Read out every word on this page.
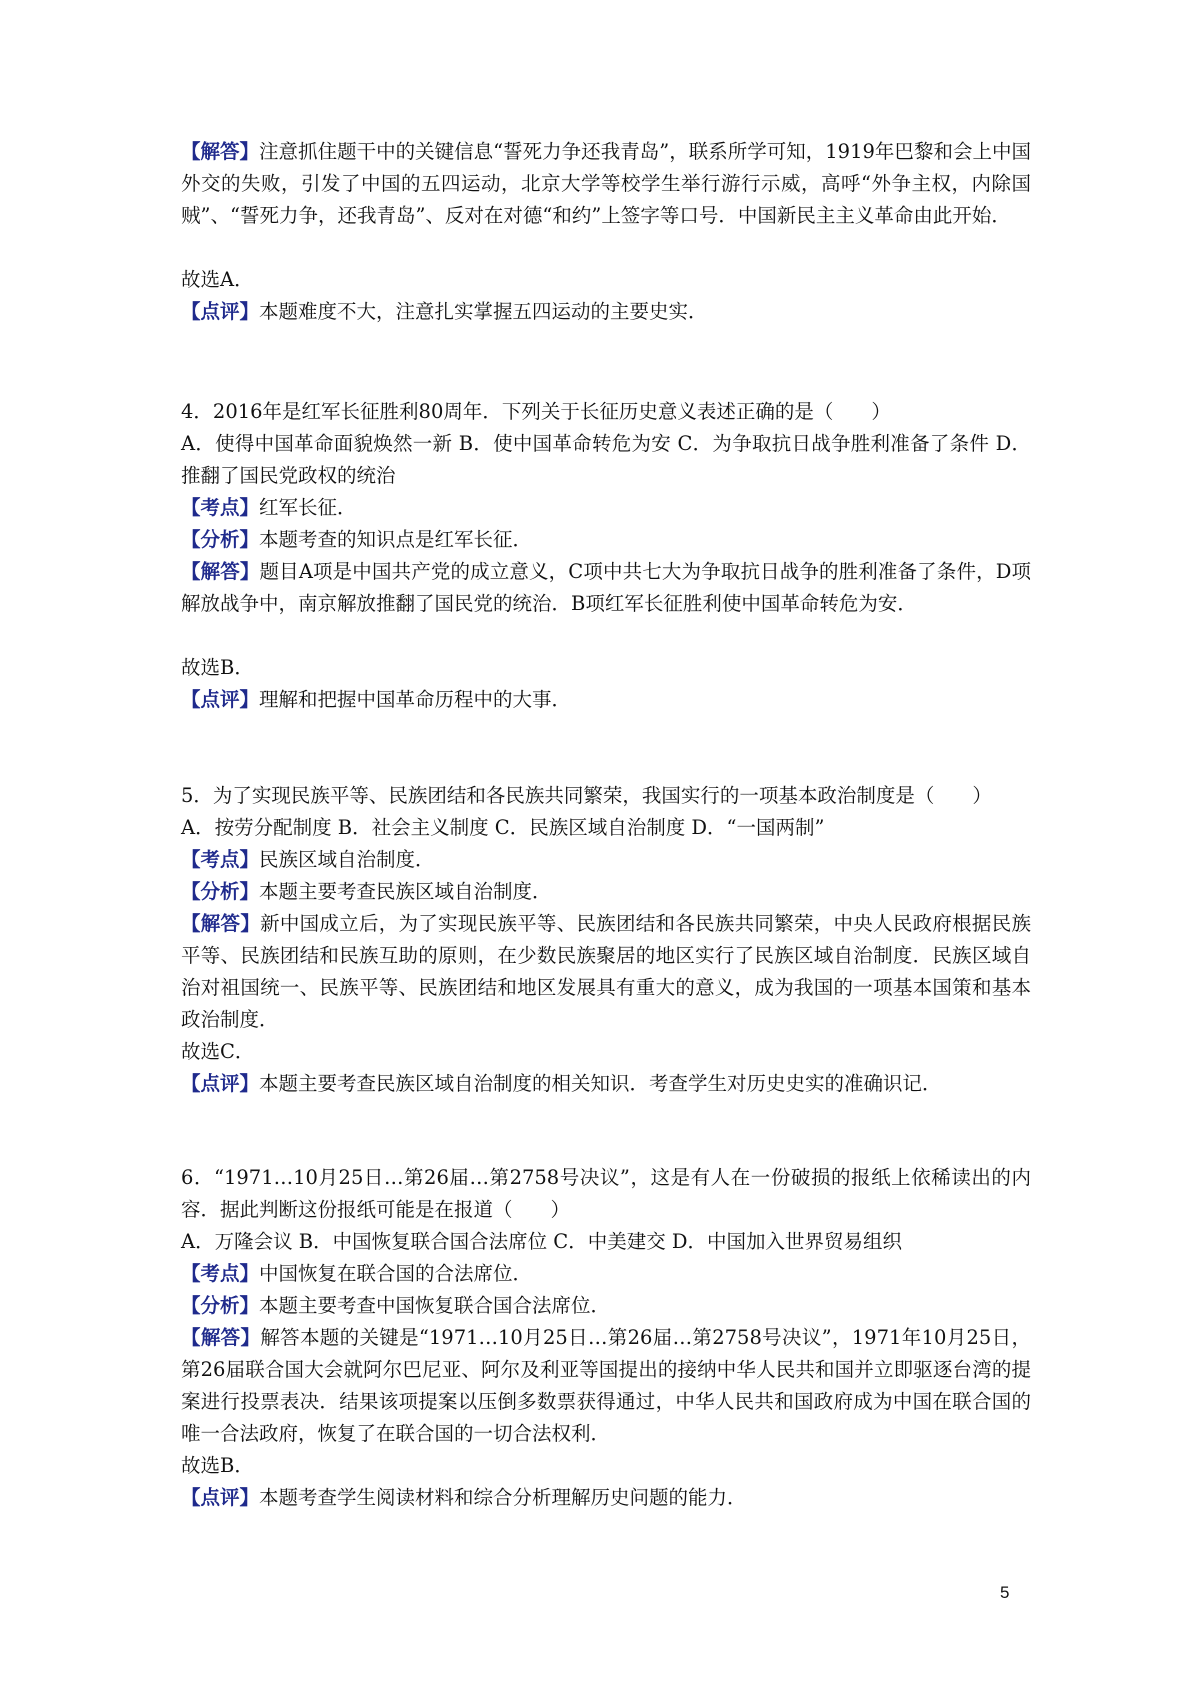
【解答】注意抓住题干中的关键信息“誓死力争还我青岛”，联系所学可知，1919年巴黎和会上中国外交的失败，引发了中国的五四运动，北京大学等校学生举行游行示威，高呼“外争主权，内除国贼”、“誓死力争，还我青岛”、反对在对德“和约”上签字等口号．中国新民主主义革命由此开始．

故选A．

【点评】本题难度不大，注意扎实掌握五四运动的主要史实．

4．2016年是红军长征胜利80周年．下列关于长征历史意义表述正确的是（ ）

A．使得中国革命面貌焕然一新 B．使中国革命转危为安 C．为争取抗日战争胜利准备了条件 D．推翻了国民党政权的统治

【考点】红军长征．

【分析】本题考查的知识点是红军长征．

【解答】题目A项是中国共产党的成立意义，C项中共七大为争取抗日战争的胜利准备了条件，D项解放战争中，南京解放推翻了国民党的统治．B项红军长征胜利使中国革命转危为安．

故选B．

【点评】理解和把握中国革命历程中的大事．

5．为了实现民族平等、民族团结和各民族共同繁荣，我国实行的一项基本政治制度是（ ）

A．按劳分配制度 B．社会主义制度 C．民族区域自治制度 D．“一国两制”

【考点】民族区域自治制度．

【分析】本题主要考查民族区域自治制度．

【解答】新中国成立后，为了实现民族平等、民族团结和各民族共同繁荣，中央人民政府根据民族平等、民族团结和民族互助的原则，在少数民族聚居的地区实行了民族区域自治制度．民族区域自治对祖国统一、民族平等、民族团结和地区发展具有重大的意义，成为我国的一项基本国策和基本政治制度．

故选C．

【点评】本题主要考查民族区域自治制度的相关知识．考查学生对历史史实的准确识记．

6．“1971…10月25日…第26届…第2758号决议”，这是有人在一份破损的报纸上依稀读出的内容．据此判断这份报纸可能是在报道（ ）

A．万隆会议 B．中国恢复联合国合法席位 C．中美建交 D．中国加入世界贸易组织

【考点】中国恢复在联合国的合法席位．

【分析】本题主要考查中国恢复联合国合法席位．

【解答】解答本题的关键是“1971…10月25日…第26届…第2758号决议”，1971年10月25日，第26届联合国大会就阿尔巴尼亚、阿尔及利亚等国提出的接纳中华人民共和国并立即驱逐台湾的提案进行投票表决．结果该项提案以压倒多数票获得通过，中华人民共和国政府成为中国在联合国的唯一合法政府，恢复了在联合国的一切合法权利．

故选B．

【点评】本题考查学生阅读材料和综合分析理解历史问题的能力．

5
